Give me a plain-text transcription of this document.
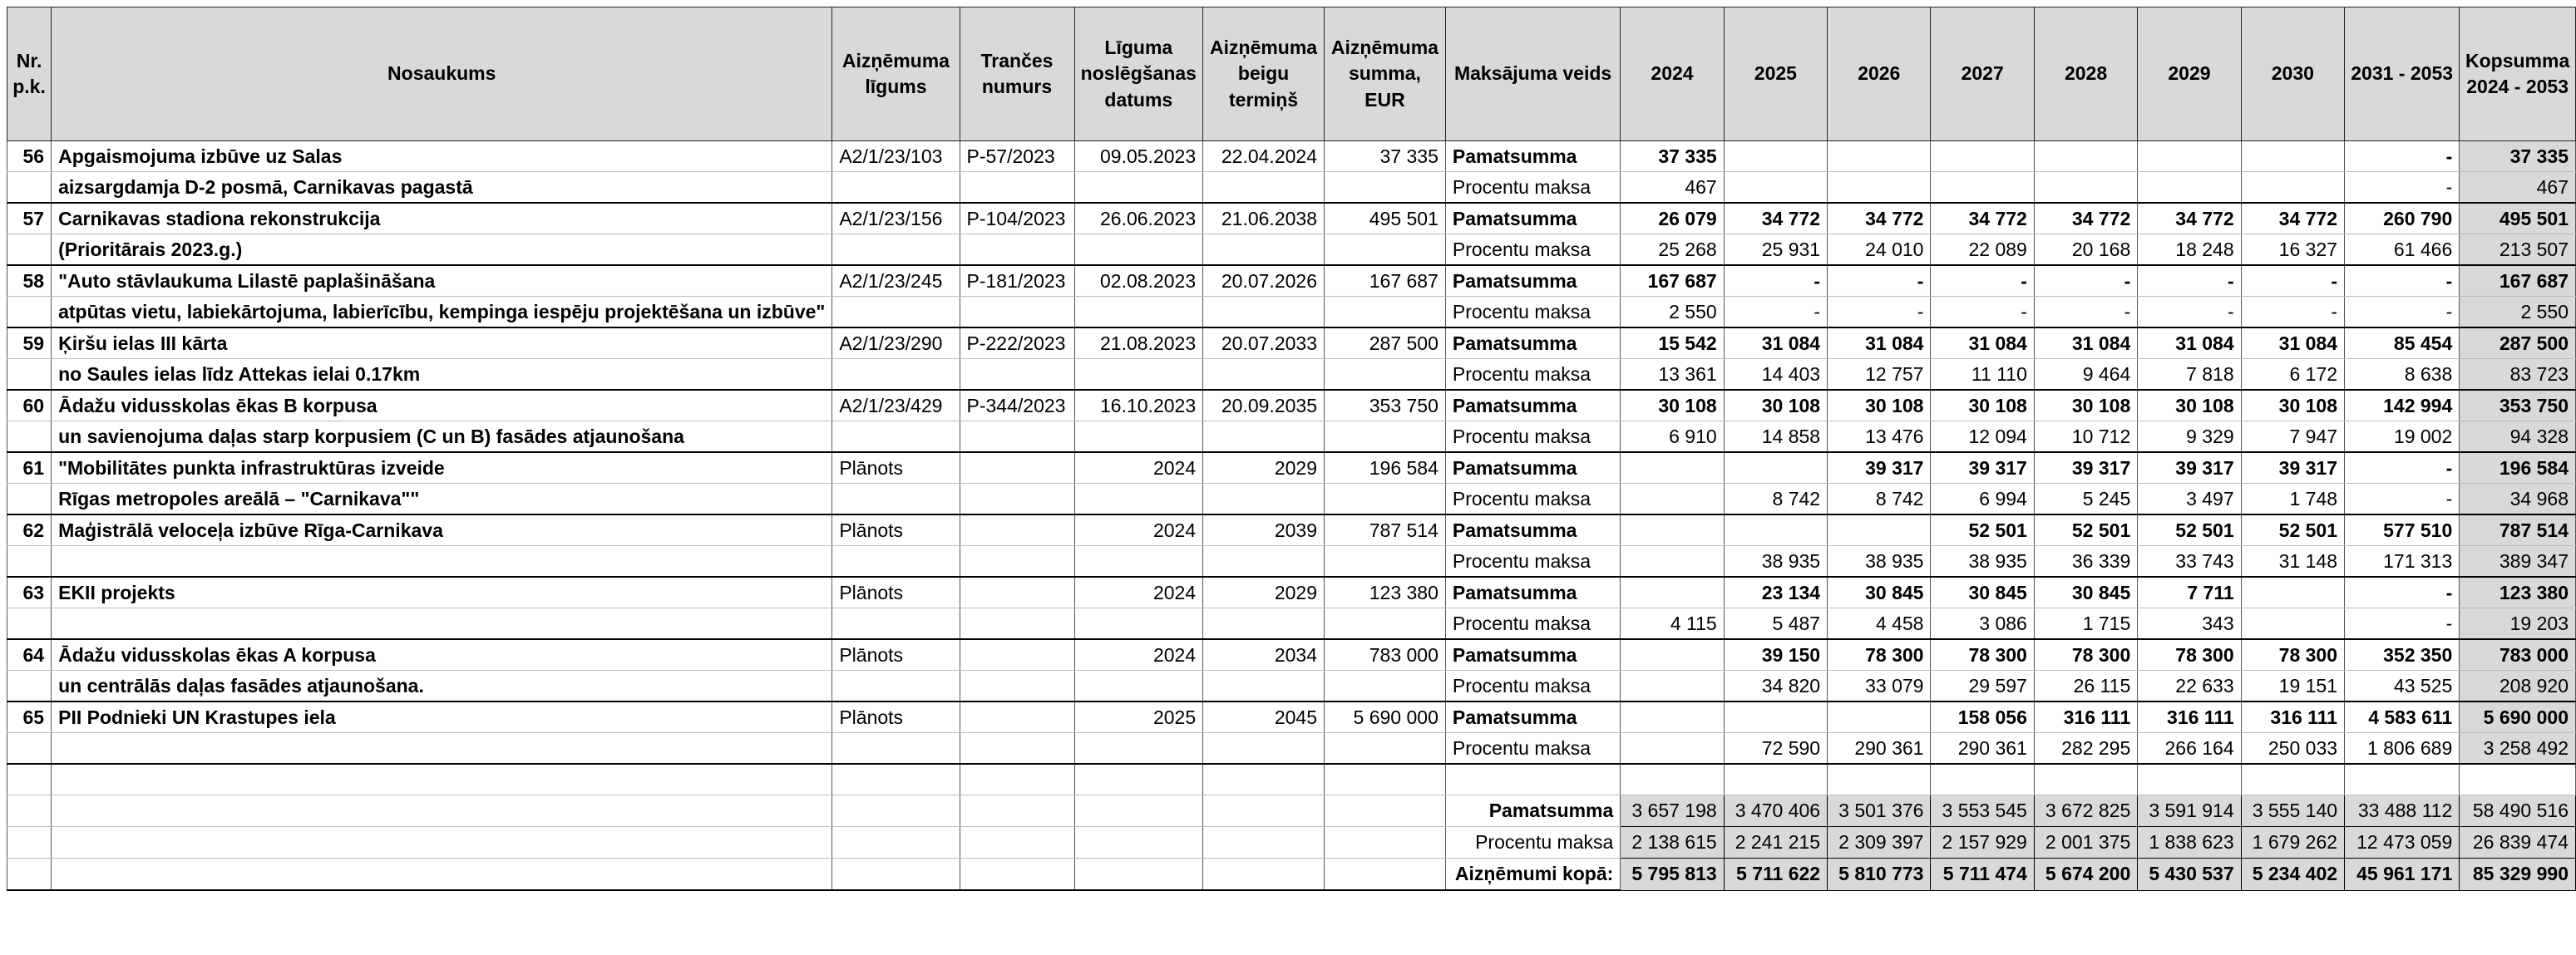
Nr. p.k.	Nosaukums	Aizņēmuma līgums	Trančes numurs	Līguma noslēgšanas datums	Aizņēmuma beigu termiņš	Aizņēmuma summa, EUR	Maksājuma veids	2024	2025	2026	2027	2028	2029	2030	2031 - 2053	Kopsumma 2024 - 2053
56	Apgaismojuma izbūve uz Salas	A2/1/23/103	P-57/2023	09.05.2023	22.04.2024	37 335	Pamatsumma	37 335							-	37 335
	aizsargdamja D-2 posmā, Carnikavas pagastā						Procentu maksa	467							-	467
57	Carnikavas stadiona rekonstrukcija	A2/1/23/156	P-104/2023	26.06.2023	21.06.2038	495 501	Pamatsumma	26 079	34 772	34 772	34 772	34 772	34 772	34 772	260 790	495 501
	(Prioritārais 2023.g.)						Procentu maksa	25 268	25 931	24 010	22 089	20 168	18 248	16 327	61 466	213 507
58	"Auto stāvlaukuma Lilastē paplašināšana	A2/1/23/245	P-181/2023	02.08.2023	20.07.2026	167 687	Pamatsumma	167 687	-	-	-	-	-	-	-	167 687
	atpūtas vietu, labiekārtojuma, labierīcību, kempinga iespēju projektēšana un izbūve"						Procentu maksa	2 550	-	-	-	-	-	-	-	2 550
59	Ķiršu ielas III kārta	A2/1/23/290	P-222/2023	21.08.2023	20.07.2033	287 500	Pamatsumma	15 542	31 084	31 084	31 084	31 084	31 084	31 084	85 454	287 500
	no Saules ielas līdz Attekas ielai 0.17km						Procentu maksa	13 361	14 403	12 757	11 110	9 464	7 818	6 172	8 638	83 723
60	Ādažu vidusskolas ēkas B korpusa	A2/1/23/429	P-344/2023	16.10.2023	20.09.2035	353 750	Pamatsumma	30 108	30 108	30 108	30 108	30 108	30 108	30 108	142 994	353 750
	un savienojuma daļas starp korpusiem (C un B) fasādes atjaunošana						Procentu maksa	6 910	14 858	13 476	12 094	10 712	9 329	7 947	19 002	94 328
61	"Mobilitātes punkta infrastruktūras izveide	Plānots		2024	2029	196 584	Pamatsumma			39 317	39 317	39 317	39 317	39 317	-	196 584
	Rīgas metropoles areālā – "Carnikava""						Procentu maksa		8 742	8 742	6 994	5 245	3 497	1 748	-	34 968
62	Maģistrālā veloceļa izbūve Rīga-Carnikava	Plānots		2024	2039	787 514	Pamatsumma				52 501	52 501	52 501	52 501	577 510	787 514
							Procentu maksa		38 935	38 935	38 935	36 339	33 743	31 148	171 313	389 347
63	EKII projekts	Plānots		2024	2029	123 380	Pamatsumma		23 134	30 845	30 845	30 845	7 711		-	123 380
							Procentu maksa	4 115	5 487	4 458	3 086	1 715	343		-	19 203
64	Ādažu vidusskolas ēkas A korpusa	Plānots		2024	2034	783 000	Pamatsumma		39 150	78 300	78 300	78 300	78 300	78 300	352 350	783 000
	un centrālās daļas fasādes atjaunošana.						Procentu maksa		34 820	33 079	29 597	26 115	22 633	19 151	43 525	208 920
65	PII Podnieki UN Krastupes iela	Plānots		2025	2045	5 690 000	Pamatsumma				158 056	316 111	316 111	316 111	4 583 611	5 690 000
							Procentu maksa		72 590	290 361	290 361	282 295	266 164	250 033	1 806 689	3 258 492

							Pamatsumma	3 657 198	3 470 406	3 501 376	3 553 545	3 672 825	3 591 914	3 555 140	33 488 112	58 490 516
							Procentu maksa	2 138 615	2 241 215	2 309 397	2 157 929	2 001 375	1 838 623	1 679 262	12 473 059	26 839 474
							Aizņēmumi kopā:	5 795 813	5 711 622	5 810 773	5 711 474	5 674 200	5 430 537	5 234 402	45 961 171	85 329 990
